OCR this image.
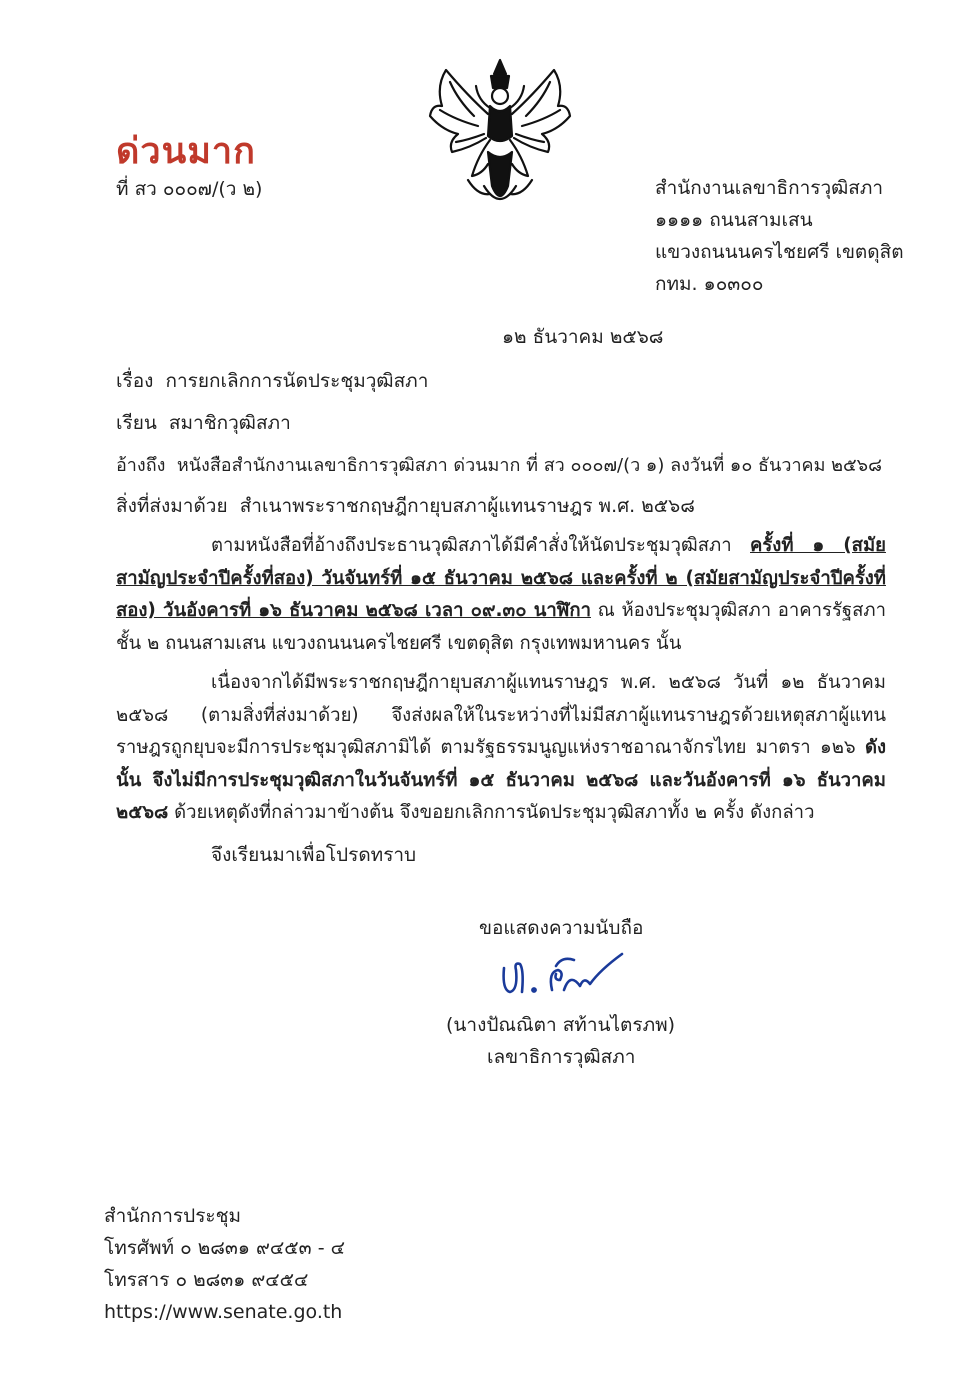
ด่วนมาก
ที่ สว ๐๐๐๗/(ว ๒)	สำนักงานเลขาธิการวุฒิสภา
๑๑๑๑ ถนนสามเสน
แขวงถนนนครไชยศรี เขตดุสิต
กทม. ๑๐๓๐๐
๑๒ ธันวาคม ๒๕๖๘
เรื่อง การยกเลิกการนัดประชุมวุฒิสภา
เรียน สมาชิกวุฒิสภา
อ้างถึง หนังสือสำนักงานเลขาธิการวุฒิสภา ด่วนมาก ที่ สว ๐๐๐๗/(ว ๑) ลงวันที่ ๑๐ ธันวาคม ๒๕๖๘
สิ่งที่ส่งมาด้วย สำเนาพระราชกฤษฎีกายุบสภาผู้แทนราษฎร พ.ศ. ๒๕๖๘
ตามหนังสือที่อ้างถึงประธานวุฒิสภาได้มีคำสั่งให้นัดประชุมวุฒิสภา ครั้งที่ ๑ (สมัยสามัญประจำปีครั้งที่สอง) วันจันทร์ที่ ๑๕ ธันวาคม ๒๕๖๘ และครั้งที่ ๒ (สมัยสามัญประจำปีครั้งที่สอง) วันอังคารที่ ๑๖ ธันวาคม ๒๕๖๘ เวลา ๐๙.๓๐ นาฬิกา ณ ห้องประชุมวุฒิสภา อาคารรัฐสภา ชั้น ๒ ถนนสามเสน แขวงถนนนครไชยศรี เขตดุสิต กรุงเทพมหานคร นั้น
เนื่องจากได้มีพระราชกฤษฎีกายุบสภาผู้แทนราษฎร พ.ศ. ๒๕๖๘ วันที่ ๑๒ ธันวาคม ๒๕๖๘ (ตามสิ่งที่ส่งมาด้วย) จึงส่งผลให้ในระหว่างที่ไม่มีสภาผู้แทนราษฎรด้วยเหตุสภาผู้แทนราษฎรถูกยุบจะมีการประชุมวุฒิสภามิได้ ตามรัฐธรรมนูญแห่งราชอาณาจักรไทย มาตรา ๑๒๖ ดังนั้น จึงไม่มีการประชุมวุฒิสภาในวันจันทร์ที่ ๑๕ ธันวาคม ๒๕๖๘ และวันอังคารที่ ๑๖ ธันวาคม ๒๕๖๘ ด้วยเหตุดังที่กล่าวมาข้างต้น จึงขอยกเลิกการนัดประชุมวุฒิสภาทั้ง ๒ ครั้ง ดังกล่าว
จึงเรียนมาเพื่อโปรดทราบ
ขอแสดงความนับถือ
(นางปัณณิตา สท้านไตรภพ)
เลขาธิการวุฒิสภา
สำนักการประชุม
โทรศัพท์ ๐ ๒๘๓๑ ๙๔๕๓ - ๔
โทรสาร ๐ ๒๘๓๑ ๙๔๕๔
https://www.senate.go.th
